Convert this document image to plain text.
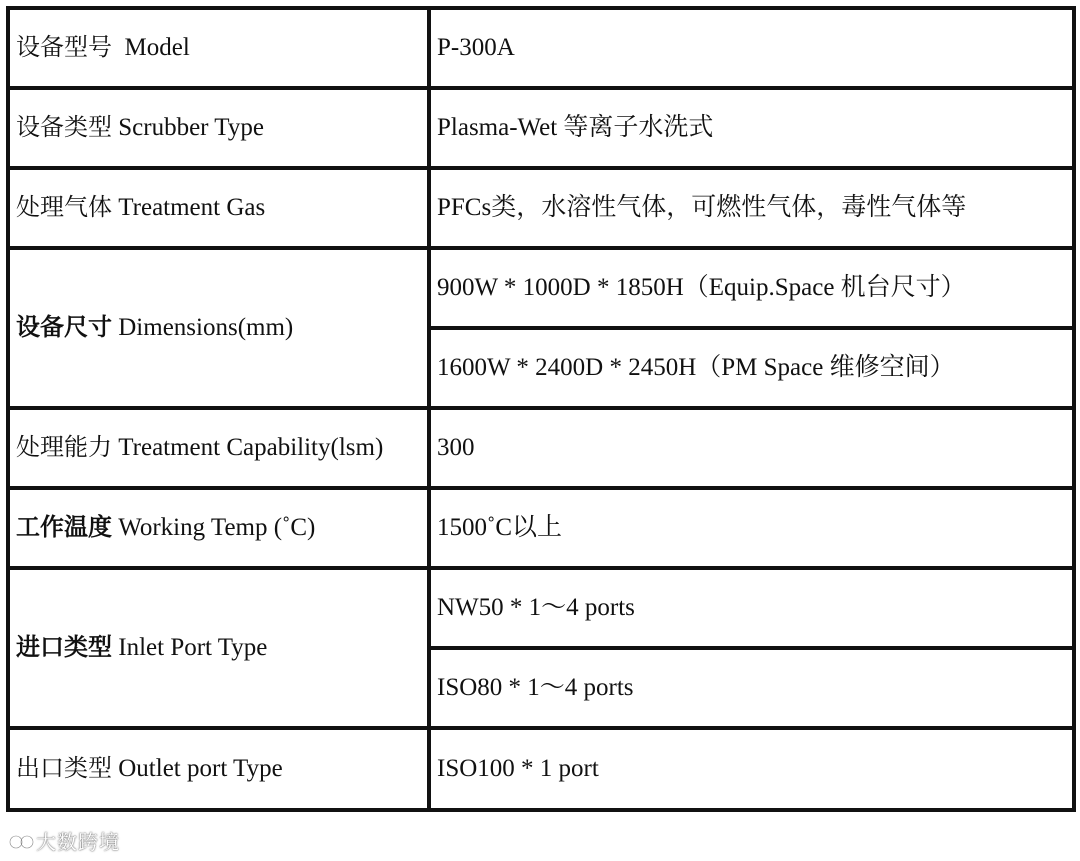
设备型号 Model	P-300A
设备类型 Scrubber Type	Plasma-Wet 等离子水洗式
处理气体 Treatment Gas	PFCs类，水溶性气体，可燃性气体，毒性气体等
设备尺寸 Dimensions(mm)	900W * 1000D * 1850H（Equip.Space 机台尺寸）
	1600W * 2400D * 2450H（PM Space 维修空间）
处理能力 Treatment Capability(lsm)	300
工作温度 Working Temp (˚C)	1500˚C以上
进口类型 Inlet Port Type	NW50 * 1～4 ports
	ISO80 * 1～4 ports
出口类型 Outlet port Type	ISO100 * 1 port
大数跨境
